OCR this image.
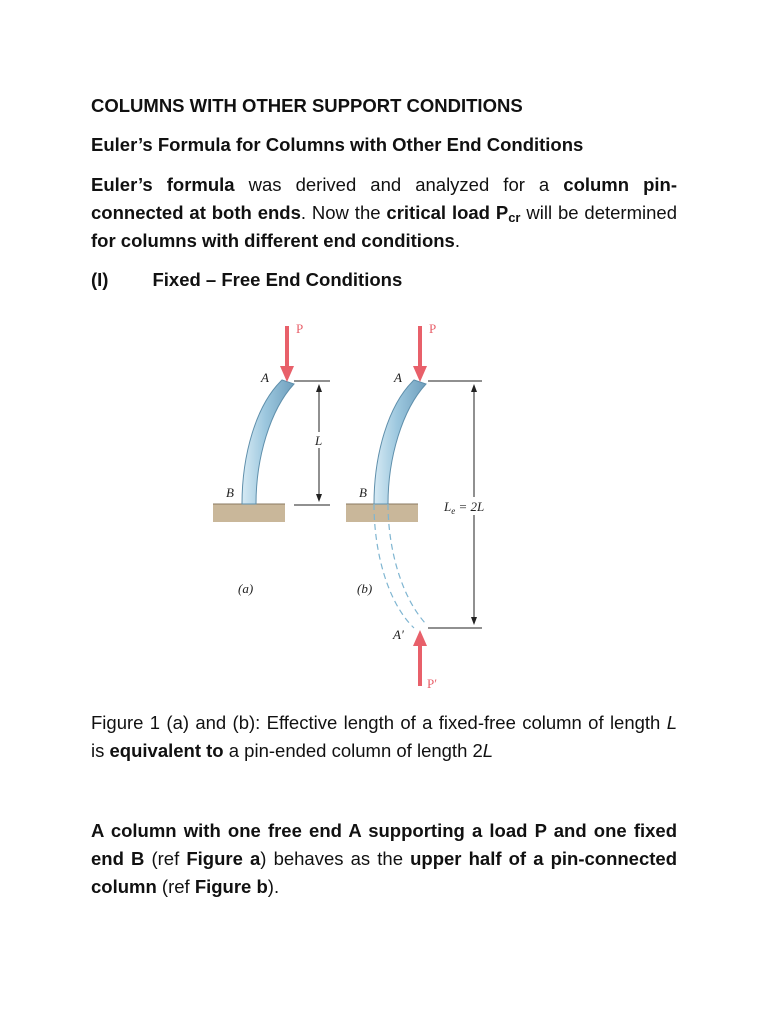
COLUMNS WITH OTHER SUPPORT CONDITIONS
Euler’s Formula for Columns with Other End Conditions
Euler’s formula was derived and analyzed for a column pin-connected at both ends. Now the critical load $P_{cr}$ will be determined for columns with different end conditions.
(I) Fixed – Free End Conditions
P
A
B
L
(a)
P
A
B
A′
P′
$L_e = 2L$
(b)
Figure 1 (a) and (b): Effective length of a fixed-free column of length L is equivalent to a pin-ended column of length 2L
A column with one free end A supporting a load P and one fixed end B (ref Figure a) behaves as the upper half of a pin-connected column (ref Figure b).
